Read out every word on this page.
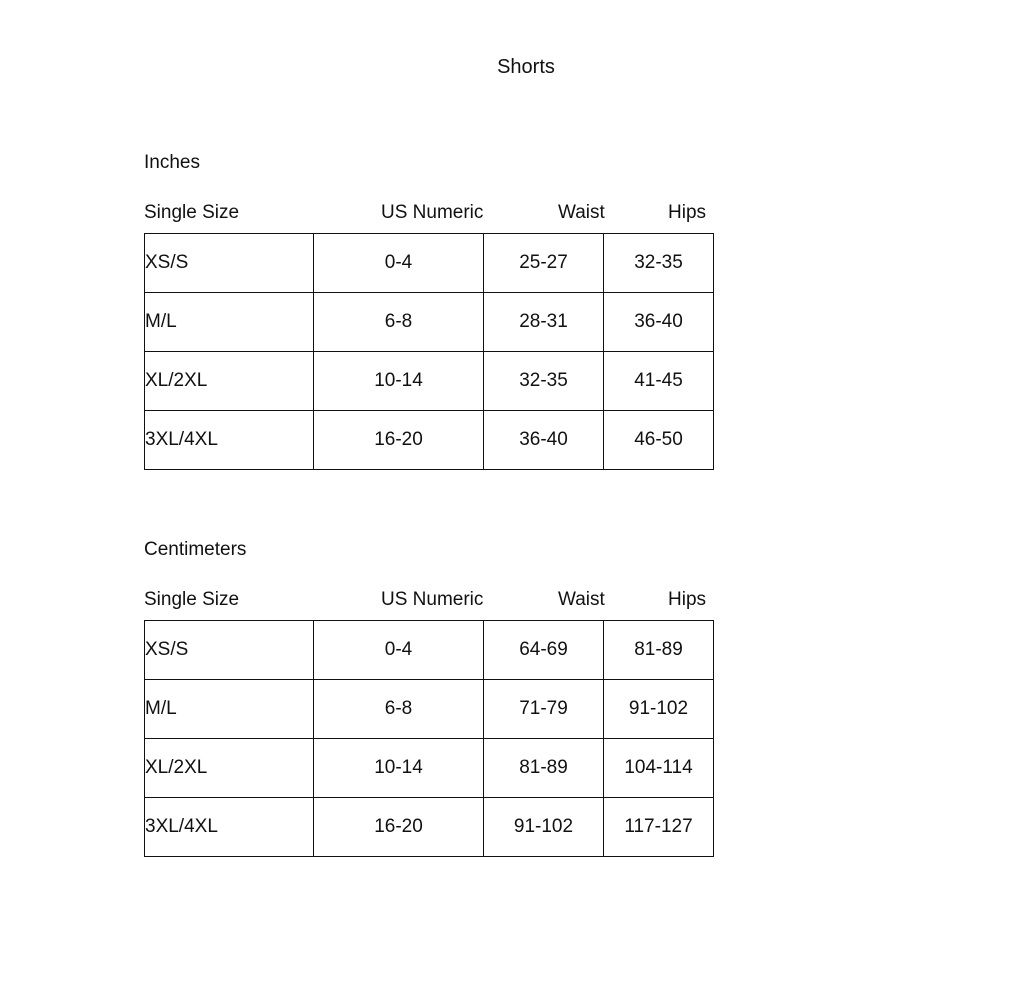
Shorts
Inches
Single Size	US Numeric	Waist	Hips
XS/S	0-4	25-27	32-35
M/L	6-8	28-31	36-40
XL/2XL	10-14	32-35	41-45
3XL/4XL	16-20	36-40	46-50
Centimeters
Single Size	US Numeric	Waist	Hips
XS/S	0-4	64-69	81-89
M/L	6-8	71-79	91-102
XL/2XL	10-14	81-89	104-114
3XL/4XL	16-20	91-102	117-127
